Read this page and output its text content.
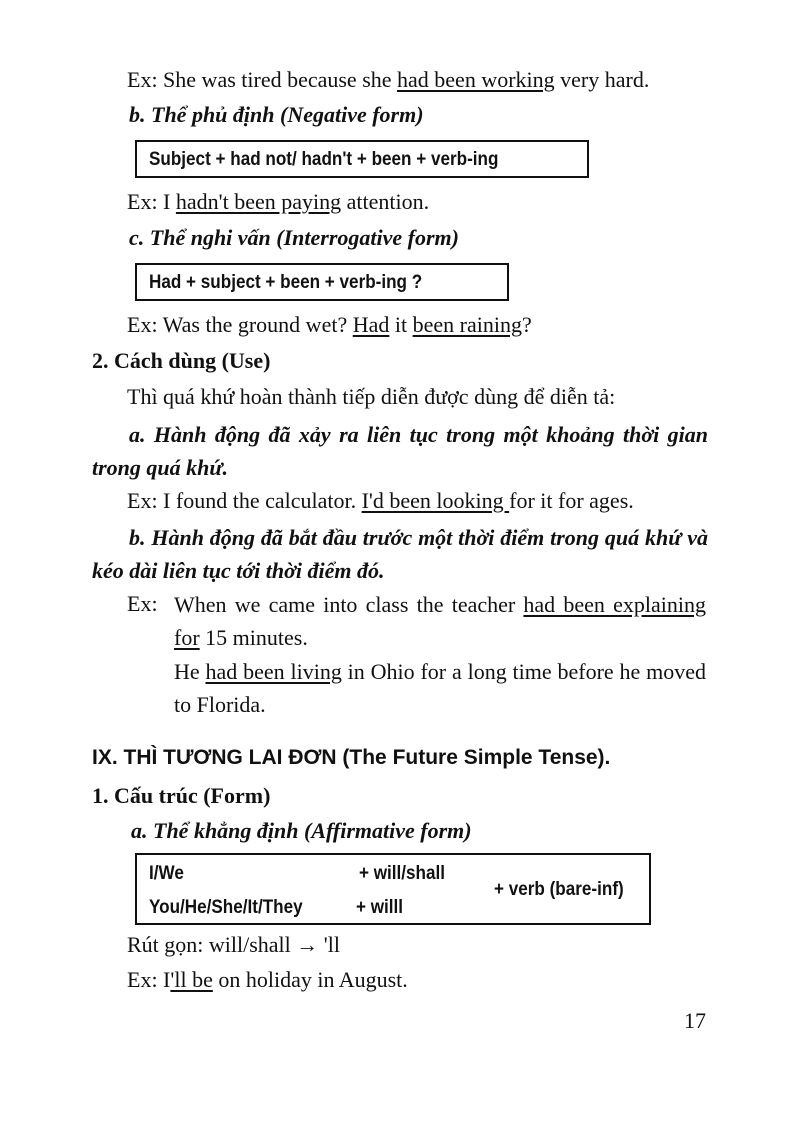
Ex: She was tired because she had been working very hard.
b. Thể phủ định (Negative form)
Subject + had not/ hadn't + been + verb-ing
Ex: I hadn't been paying attention.
c. Thể nghi vấn (Interrogative form)
Had + subject + been + verb-ing ?
Ex: Was the ground wet? Had it been raining?
2. Cách dùng (Use)
Thì quá khứ hoàn thành tiếp diễn được dùng để diễn tả:
a. Hành động đã xảy ra liên tục trong một khoảng thời gian trong quá khứ.
Ex: I found the calculator. I'd been looking for it for ages.
b. Hành động đã bắt đầu trước một thời điểm trong quá khứ và kéo dài liên tục tới thời điểm đó.
Ex: When we came into class the teacher had been explaining for 15 minutes.
He had been living in Ohio for a long time before he moved to Florida.
IX. THÌ TƯƠNG LAI ĐƠN (The Future Simple Tense).
1. Cấu trúc (Form)
a. Thể khẳng định (Affirmative form)
I/We	+ will/shall
You/He/She/It/They	+ willl
+ verb (bare-inf)
Rút gọn: will/shall → 'll
Ex: I'll be on holiday in August.
17
